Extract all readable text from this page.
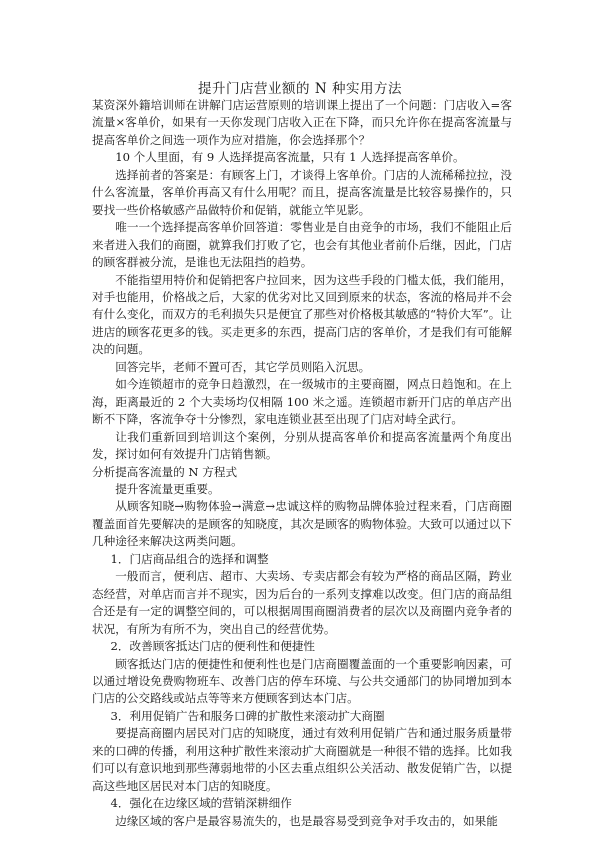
提升门店营业额的 N 种实用方法

某资深外籍培训师在讲解门店运营原则的培训课上提出了一个问题：门店收入=客流量×客单价，如果有一天你发现门店收入正在下降，而只允许你在提高客流量与提高客单价之间选一项作为应对措施，你会选择那个？

10 个人里面，有 9 人选择提高客流量，只有 1 人选择提高客单价。

选择前者的答案是：有顾客上门，才谈得上客单价。门店的人流稀稀拉拉，没什么客流量，客单价再高又有什么用呢？而且，提高客流量是比较容易操作的，只要找一些价格敏感产品做特价和促销，就能立竿见影。

唯一一个选择提高客单价回答道：零售业是自由竞争的市场，我们不能阻止后来者进入我们的商圈，就算我们打败了它，也会有其他业者前仆后继，因此，门店的顾客群被分流，是谁也无法阻挡的趋势。

不能指望用特价和促销把客户拉回来，因为这些手段的门槛太低，我们能用，对手也能用，价格战之后，大家的优劣对比又回到原来的状态，客流的格局并不会有什么变化，而双方的毛利损失只是便宜了那些对价格极其敏感的“特价大军”。让进店的顾客花更多的钱。买走更多的东西，提高门店的客单价，才是我们有可能解决的问题。

回答完毕，老师不置可否，其它学员则陷入沉思。

如今连锁超市的竞争日趋激烈，在一级城市的主要商圈，网点日趋饱和。在上海，距离最近的 2 个大卖场均仅相隔 100 米之遥。连锁超市新开门店的单店产出断不下降，客流争夺十分惨烈，家电连锁业甚至出现了门店对峙全武行。

让我们重新回到培训这个案例，分别从提高客单价和提高客流量两个角度出发，探讨如何有效提升门店销售额。

分析提高客流量的 N 方程式

提升客流量更重要。

从顾客知晓→购物体验→满意→忠诚这样的购物品牌体验过程来看，门店商圈覆盖面首先要解决的是顾客的知晓度，其次是顾客的购物体验。大致可以通过以下几种途径来解决这两类问题。

1．门店商品组合的选择和调整

一般而言，便利店、超市、大卖场、专卖店都会有较为严格的商品区隔，跨业态经营，对单店而言并不现实，因为后台的一系列支撑难以改变。但门店的商品组合还是有一定的调整空间的，可以根据周围商圈消费者的层次以及商圈内竞争者的状况，有所为有所不为，突出自己的经营优势。

2．改善顾客抵达门店的便利性和便捷性

顾客抵达门店的便捷性和便利性也是门店商圈覆盖面的一个重要影响因素，可以通过增设免费购物班车、改善门店的停车环境、与公共交通部门的协同增加到本门店的公交路线或站点等等来方便顾客到达本门店。

3．利用促销广告和服务口碑的扩散性来滚动扩大商圈

要提高商圈内居民对门店的知晓度，通过有效利用促销广告和通过服务质量带来的口碑的传播，利用这种扩散性来滚动扩大商圈就是一种很不错的选择。比如我们可以有意识地到那些薄弱地带的小区去重点组织公关活动、散发促销广告，以提高这些地区居民对本门店的知晓度。

4．强化在边缘区域的营销深耕细作

边缘区域的客户是最容易流失的，也是最容易受到竞争对手攻击的，如果能
